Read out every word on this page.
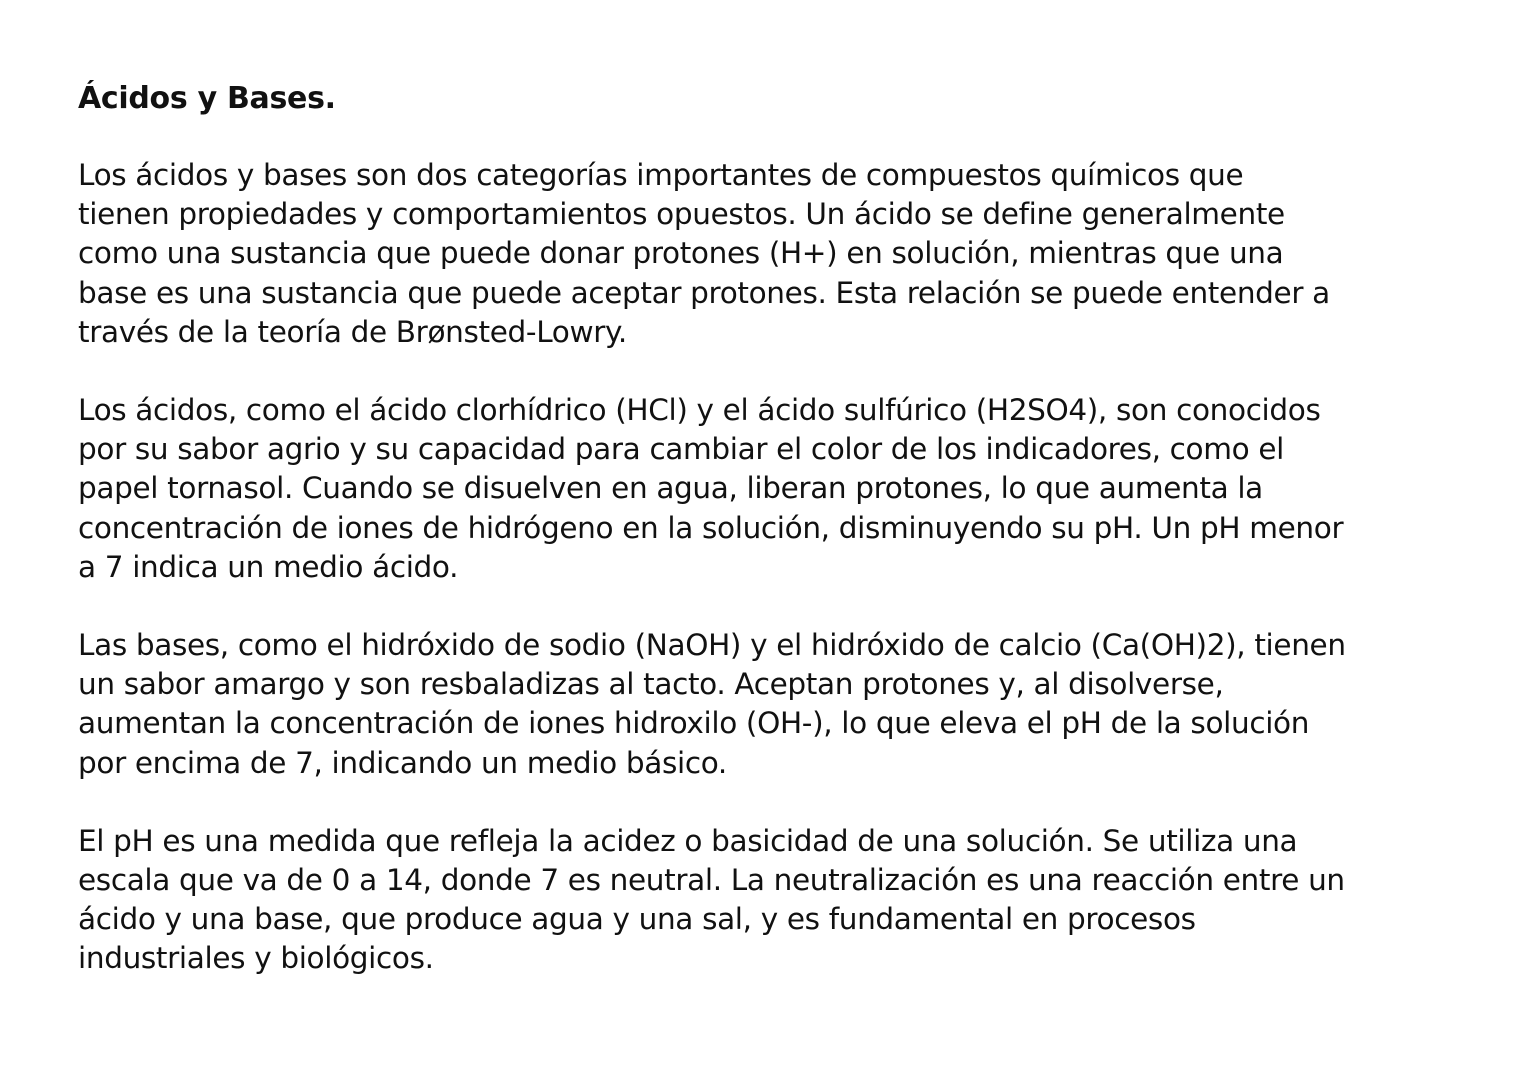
Ácidos y Bases.

Los ácidos y bases son dos categorías importantes de compuestos químicos que
tienen propiedades y comportamientos opuestos. Un ácido se define generalmente
como una sustancia que puede donar protones (H+) en solución, mientras que una
base es una sustancia que puede aceptar protones. Esta relación se puede entender a
través de la teoría de Brønsted-Lowry.

Los ácidos, como el ácido clorhídrico (HCl) y el ácido sulfúrico (H2SO4), son conocidos
por su sabor agrio y su capacidad para cambiar el color de los indicadores, como el
papel tornasol. Cuando se disuelven en agua, liberan protones, lo que aumenta la
concentración de iones de hidrógeno en la solución, disminuyendo su pH. Un pH menor
a 7 indica un medio ácido.

Las bases, como el hidróxido de sodio (NaOH) y el hidróxido de calcio (Ca(OH)2), tienen
un sabor amargo y son resbaladizas al tacto. Aceptan protones y, al disolverse,
aumentan la concentración de iones hidroxilo (OH-), lo que eleva el pH de la solución
por encima de 7, indicando un medio básico.

El pH es una medida que refleja la acidez o basicidad de una solución. Se utiliza una
escala que va de 0 a 14, donde 7 es neutral. La neutralización es una reacción entre un
ácido y una base, que produce agua y una sal, y es fundamental en procesos
industriales y biológicos.
